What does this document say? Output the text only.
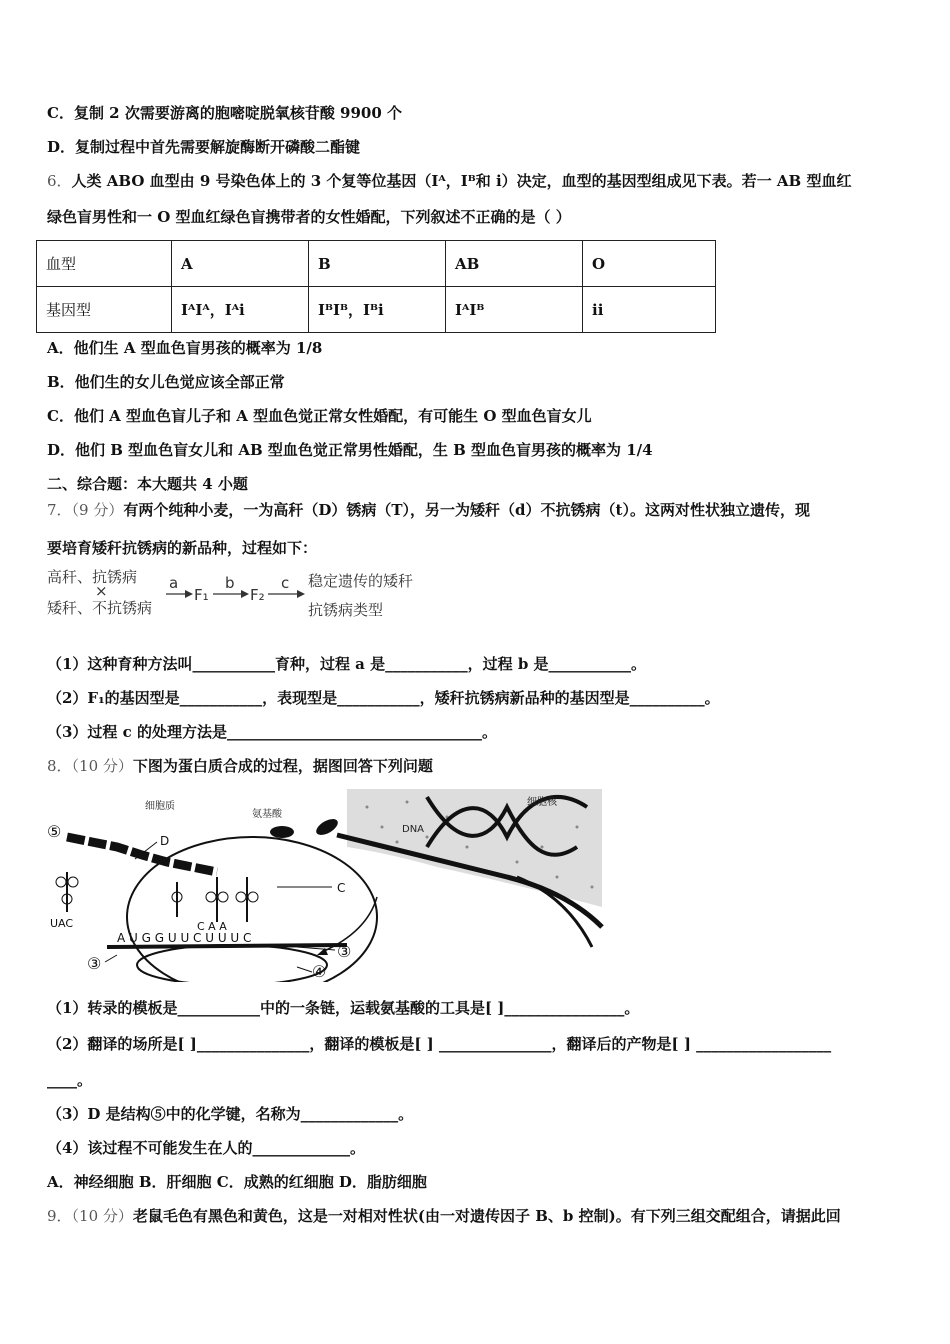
C．复制 2 次需要游离的胞嘧啶脱氧核苷酸 9900 个
D．复制过程中首先需要解旋酶断开磷酸二酯键
6．人类 ABO 血型由 9 号染色体上的 3 个复等位基因（Iᴬ，Iᴮ和 i）决定，血型的基因型组成见下表。若一 AB 型血红
绿色盲男性和一 O 型血红绿色盲携带者的女性婚配，下列叙述不正确的是（ ）
血型	A	B	AB	O
基因型	IᴬIᴬ，Iᴬi	IᴮIᴮ，Iᴮi	IᴬIᴮ	ii
A．他们生 A 型血色盲男孩的概率为 1/8
B．他们生的女儿色觉应该全部正常
C．他们 A 型血色盲儿子和 A 型血色觉正常女性婚配，有可能生 O 型血色盲女儿
D．他们 B 型血色盲女儿和 AB 型血色觉正常男性婚配，生 B 型血色盲男孩的概率为 1/4
二、综合题：本大题共 4 小题
7．（9 分）有两个纯种小麦，一为高秆（D）锈病（T），另一为矮秆（d）不抗锈病（t）。这两对性状独立遗传，现
要培育矮秆抗锈病的新品种，过程如下：
高秆、抗锈病
×
矮秆、不抗锈病
a
F₁
b
F₂
c 稳定遗传的矮秆
抗锈病类型
（1）这种育种方法叫___________育种，过程 a 是___________，过程 b 是___________。
（2）F₁的基因型是___________，表现型是___________，矮秆抗锈病新品种的基因型是__________。
（3）过程 c 的处理方法是__________________________________。
8．（10 分）下图为蛋白质合成的过程，据图回答下列问题
DNA
细胞核
细胞质
氨基酸
⑤	D
UAC	C A A
A U G G U U C U U U C
C
③
③	④
（1）转录的模板是___________中的一条链，运载氨基酸的工具是[ ]________________。
（2）翻译的场所是[ ]_______________，翻译的模板是[ ] _______________，翻译后的产物是[ ] __________________
____。
（3）D 是结构⑤中的化学键，名称为_____________。
（4）该过程不可能发生在人的_____________。
A．神经细胞 B．肝细胞 C．成熟的红细胞 D．脂肪细胞
9．（10 分）老鼠毛色有黑色和黄色，这是一对相对性状(由一对遗传因子 B、b 控制)。有下列三组交配组合，请据此回
